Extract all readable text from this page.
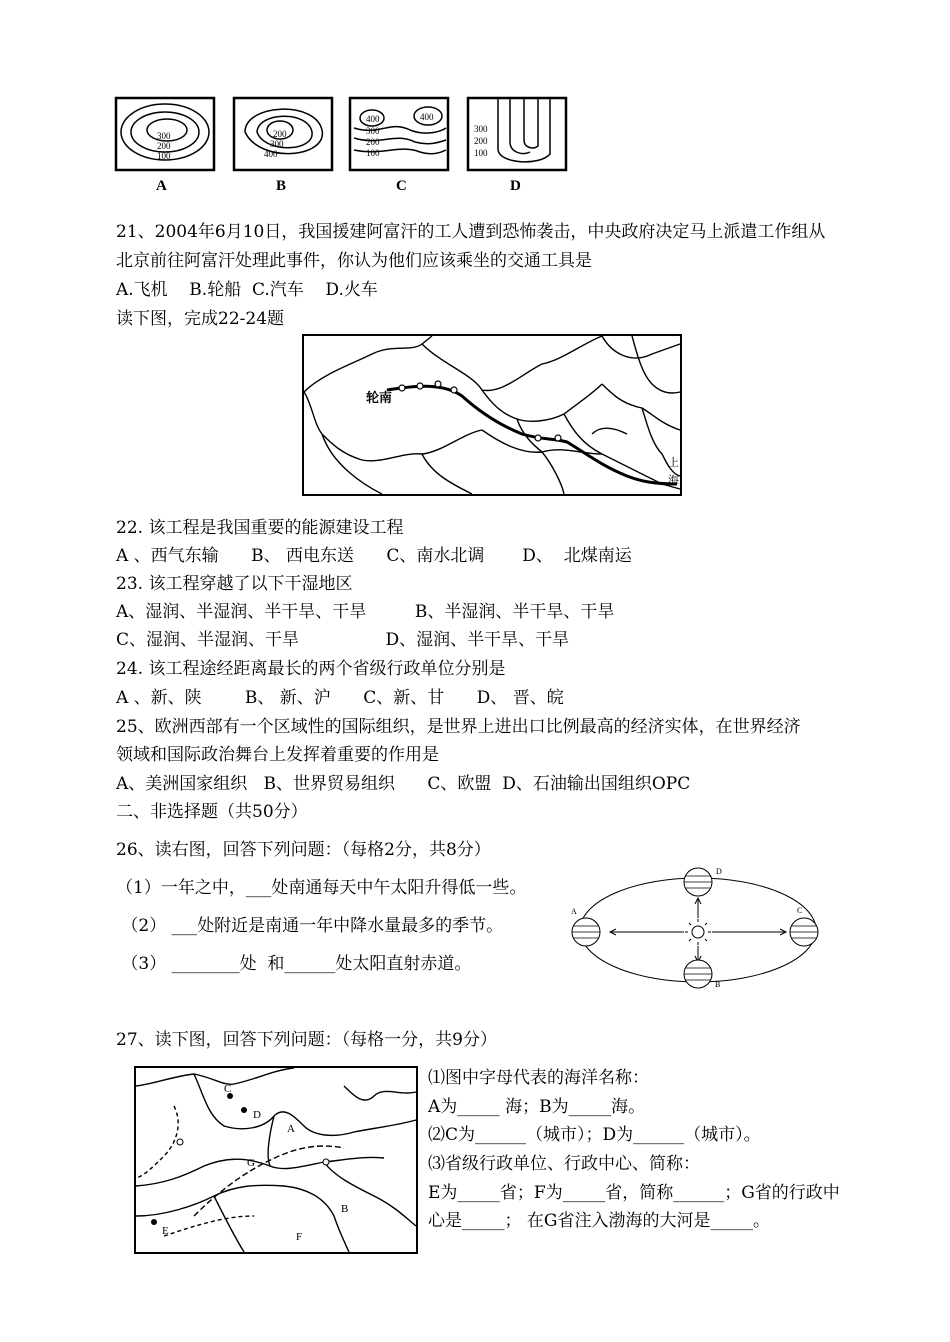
300
200
100
A
200
300
400
B
400	400
300
200
100
C
300
200
100
D
21、2004年6月10日，我国援建阿富汗的工人遭到恐怖袭击，中央政府决定马上派遣工作组从
北京前往阿富汗处理此事件，你认为他们应该乘坐的交通工具是
A.飞机    B.轮船  C.汽车    D.火车
读下图，完成22-24题
轮南
上
海
22. 该工程是我国重要的能源建设工程
A 、西气东输      B、 西电东送      C、南水北调       D、  北煤南运
23. 该工程穿越了以下干湿地区
A、湿润、半湿润、半干旱、干旱         B、半湿润、半干旱、干旱
C、湿润、半湿润、干旱                D、湿润、半干旱、干旱
24. 该工程途经距离最长的两个省级行政单位分别是
A 、新、陕        B、 新、沪      C、新、甘      D、 晋、皖
25、欧洲西部有一个区域性的国际组织，是世界上进出口比例最高的经济实体，在世界经济
领域和国际政治舞台上发挥着重要的作用是
A、美洲国家组织   B、世界贸易组织      C、欧盟  D、石油输出国组织OPC
二、非选择题（共50分）
26、读右图，回答下列问题：（每格2分，共8分）
（1）一年之中，___处南通每天中午太阳升得低一些。
（2） ___处附近是南通一年中降水量最多的季节。
（3） ________处  和______处太阳直射赤道。
A	C
D
B
27、读下图，回答下列问题：（每格一分，共9分）
C
D
A
G
B
E	F
⑴图中字母代表的海洋名称：
A为_____ 海；B为_____海。
⑵C为______（城市）；D为______（城市）。
⑶省级行政单位、行政中心、简称：
E为_____省；F为_____省，简称______；G省的行政中
心是_____； 在G省注入渤海的大河是_____。
